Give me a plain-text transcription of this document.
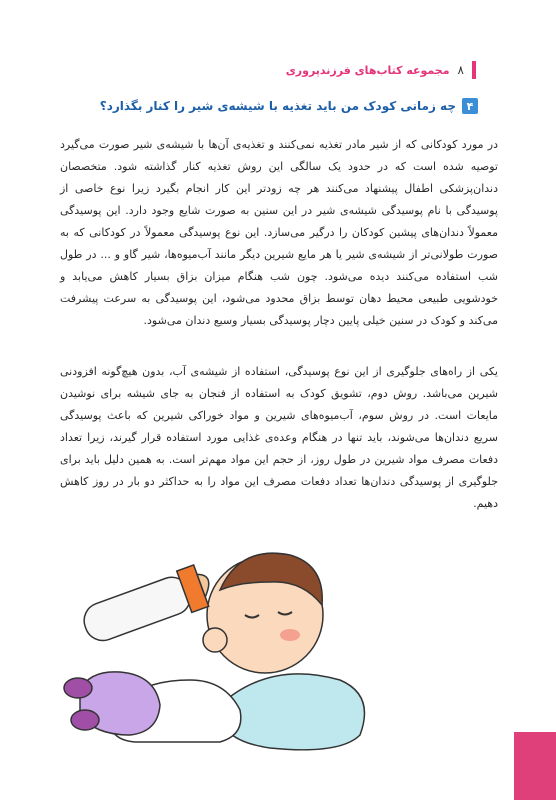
۸
مجموعه کتاب‌های فرزندپروری
۴
چه زمانی کودک من باید تغذیه با شیشه‌ی شیر را کنار بگذارد؟

در مورد کودکانی که از شیر مادر تغذیه نمی‌کنند و تغذیه‌ی آن‌ها با شیشه‌ی شیر صورت می‌گیرد توصیه شده است که در حدود یک سالگی این روش تغذیه کنار گذاشته شود. متخصصان دندان‌پزشکی اطفال پیشنهاد می‌کنند هر چه زودتر این کار انجام بگیرد زیرا نوع خاصی از پوسیدگی با نام پوسیدگی شیشه‌ی شیر در این سنین به صورت شایع وجود دارد. این پوسیدگی معمولاً دندان‌های پیشین کودکان را درگیر می‌سازد. این نوع پوسیدگی معمولاً در کودکانی که به صورت طولانی‌تر از شیشه‌ی شیر یا هر مایع شیرین دیگر مانند آب‌میوه‌ها، شیر گاو و ... در طول شب استفاده می‌کنند دیده می‌شود. چون شب هنگام میزان بزاق بسیار کاهش می‌یابد و خودشویی طبیعی محیط دهان توسط بزاق محدود می‌شود، این پوسیدگی به سرعت پیشرفت می‌کند و کودک در سنین خیلی پایین دچار پوسیدگی بسیار وسیع دندان می‌شود.

یکی از راه‌های جلوگیری از این نوع پوسیدگی، استفاده از شیشه‌ی آب، بدون هیچ‌گونه افزودنی شیرین می‌باشد. روش دوم، تشویق کودک به استفاده از فنجان به جای شیشه برای نوشیدن مایعات است. در روش سوم، آب‌میوه‌های شیرین و مواد خوراکی شیرین که باعث پوسیدگی سریع دندان‌ها می‌شوند، باید تنها در هنگام وعده‌ی غذایی مورد استفاده قرار گیرند، زیرا تعداد دفعات مصرف مواد شیرین در طول روز، از حجم این مواد مهم‌تر است. به همین دلیل باید برای جلوگیری از پوسیدگی دندان‌ها تعداد دفعات مصرف این مواد را به حداکثر دو بار در روز کاهش دهیم.
